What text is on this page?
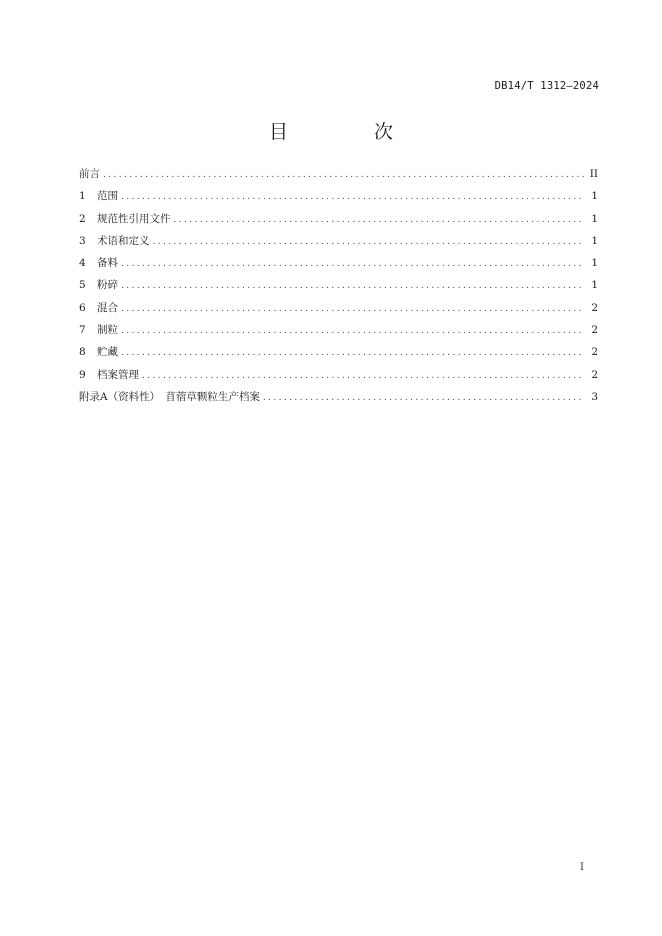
DB14/T 1312—2024
目 次
前言 .....	II
1	范围 .....	1
2	规范性引用文件 .....	1
3	术语和定义 .....	1
4	备料 .....	1
5	粉碎 .....	1
6	混合 .....	2
7	制粒 .....	2
8	贮藏 .....	2
9	档案管理 .....	2
附录A（资料性）　苜蓿草颗粒生产档案 .....	3
I
